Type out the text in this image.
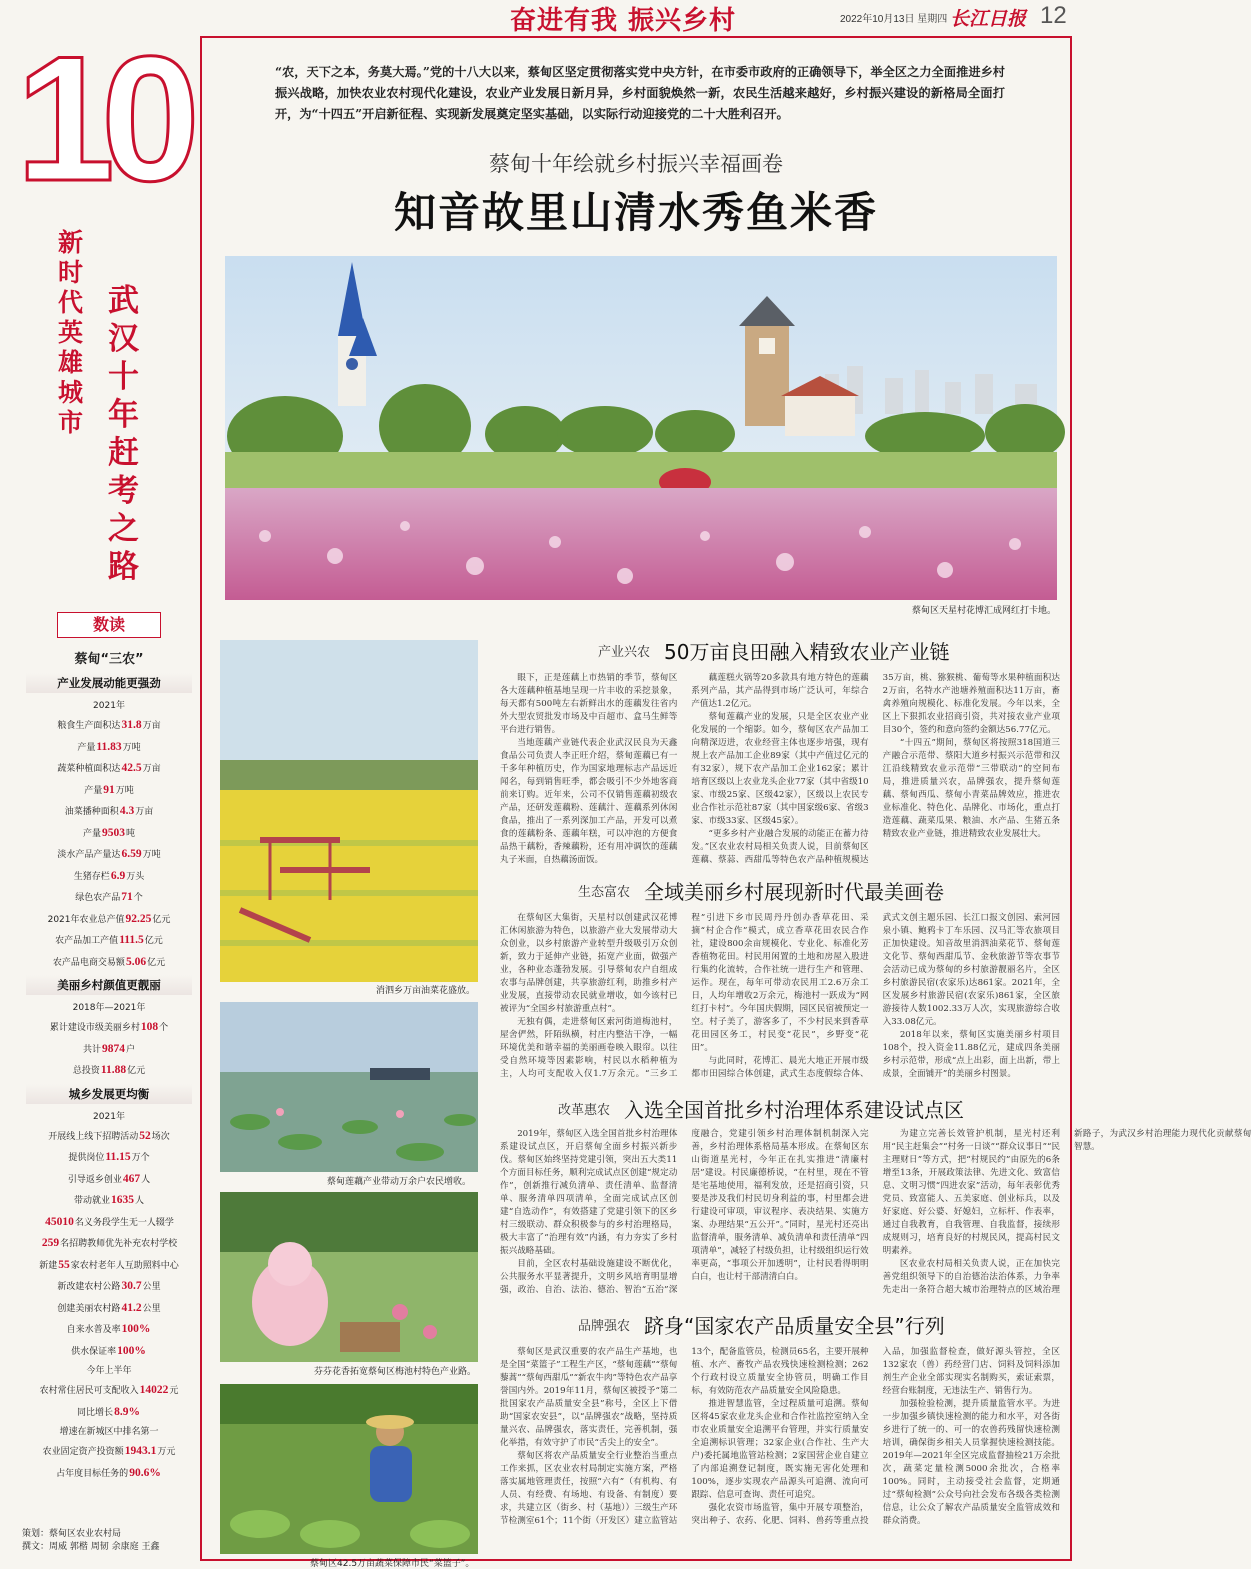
奋进有我 振兴乡村	2022年10月13日 星期四 长江日报 12
10
新时代英雄城市
武汉十年赶考之路
“农，天下之本，务莫大焉。”党的十八大以来，蔡甸区坚定贯彻落实党中央方针，在市委市政府的正确领导下，举全区之力全面推进乡村振兴战略，加快农业农村现代化建设，农业产业发展日新月异，乡村面貌焕然一新，农民生活越来越好，乡村振兴建设的新格局全面打开，为“十四五”开启新征程、实现新发展奠定坚实基础，以实际行动迎接党的二十大胜利召开。
蔡甸十年绘就乡村振兴幸福画卷
知音故里山清水秀鱼米香
蔡甸区天星村花博汇成网红打卡地。
数读
蔡甸“三农”
产业发展动能更强劲
2021年
粮食生产面积达31.8万亩
产量11.83万吨
蔬菜种植面积达42.5万亩
产量91万吨
油菜播种面积4.3万亩
产量9503吨
淡水产品产量达6.59万吨
生猪存栏6.9万头
绿色农产品71个
2021年农业总产值92.25亿元
农产品加工产值111.5亿元
农产品电商交易额5.06亿元
美丽乡村颜值更靓丽
2018年—2021年
累计建设市级美丽乡村108个
共计9874户
总投资11.88亿元
城乡发展更均衡
2021年
开展线上线下招聘活动52场次
提供岗位11.15万个
引导返乡创业467人
带动就业1635人
45010名义务段学生无一人辍学
259名招聘教师优先补充农村学校
新建55家农村老年人互助照料中心
新改建农村公路30.7公里
创建美丽农村路41.2公里
自来水普及率100%
供水保证率100%
今年上半年
农村常住居民可支配收入14022元
同比增长8.9%
增速在新城区中排名第一
农业固定资产投资额1943.1万元
占年度目标任务的90.6%
策划：蔡甸区农业农村局
撰文：周威 郭楷 周韧 余康庭 王鑫
消泗乡万亩油菜花盛放。
蔡甸莲藕产业带动万余户农民增收。
芬芬花香拓宽蔡甸区梅池村特色产业路。
蔡甸区42.5万亩蔬菜保障市民“菜篮子”。
产业兴农 50万亩良田融入精致农业产业链

眼下，正是莲藕上市热销的季节，蔡甸区各大莲藕种植基地呈现一片丰收的采挖景象，每天都有500吨左右新鲜出水的莲藕发往省内外大型农贸批发市场及中百超市、盒马生鲜等平台进行销售。

当地莲藕产业链代表企业武汉民良为天鑫食品公司负责人李正旺介绍，蔡甸莲藕已有一千多年种植历史，作为国家地理标志产品远近闻名，每到销售旺季，都会吸引不少外地客商前来订购。近年来，公司不仅销售莲藕初级农产品，还研发莲藕粉、莲藕汁、莲藕系列休闲食品，推出了一系列深加工产品，开发可以煮食的莲藕粉条、莲藕年糕，可以冲泡的方便食品热干藕粉，香辣藕粉，还有用冲调饮的莲藕丸子米面，自热藕汤面饭。

藕莲糕火锅等20多款具有地方特色的莲藕系列产品，其产品得到市场广泛认可，年综合产值达1.2亿元。

蔡甸莲藕产业的发展，只是全区农业产业化发展的一个缩影。如今，蔡甸区农产品加工向精深迈进，农业经营主体也逐步培强，现有规上农产品加工企业89家（其中产值过亿元的有32家），规下农产品加工企业162家；累计培育区级以上农业龙头企业77家（其中省级10家、市级25家、区级42家），区级以上农民专业合作社示范社87家（其中国家级6家、省级3家、市级33家、区级45家）。

“更多乡村产业融合发展的动能正在蓄力待发。”区农业农村局相关负责人说，目前蔡甸区莲藕、蔡蒜、西甜瓜等特色农产品种植规模达35万亩，桃、猕猴桃、葡萄等水果种植面积达2万亩，名特水产池塘养殖面积达11万亩，畜禽养殖向规模化、标准化发展。今年以来，全区上下狠抓农业招商引资，共对接农业产业项目30个，签约和意向签约金额达56.77亿元。

“十四五”期间，蔡甸区将按照318国道三产融合示范带、蔡阳大道乡村振兴示范带和汉江沿线精致农业示范带“三带联动”的空间布局，推进质量兴农，品牌强农，提升蔡甸莲藕、蔡甸西瓜、蔡甸小青菜品牌效应，推进农业标准化、特色化、品牌化、市场化，重点打造莲藕、蔬菜瓜果、粮油、水产品、生猪五条精致农业产业链，推进精致农业发展壮大。

生态富农 全域美丽乡村展现新时代最美画卷

在蔡甸区大集街，天星村以创建武汉花博汇休闲旅游为特色，以旅游产业大发展带动大众创业，以乡村旅游产业转型升级吸引万众创新，致力于延伸产业链，拓宽产业面，做强产业，各种业态蓬勃发展。引导蔡甸农户自组成农事与品牌创建，共享旅游红利，助推乡村产业发展，直接带动农民就业增收，如今该村已被评为“全国乡村旅游重点村”。

无独有偶，走进蔡甸区索河街道梅池村，屋舍俨然，阡陌纵横，村庄内整洁干净，一幅环境优美和谐幸福的美丽画卷映入眼帘。以往受自然环境等因素影响，村民以水稻种植为主，人均可支配收入仅1.7万余元。“三乡工程”引进下乡市民周丹丹创办香草花田、采摘“村企合作”模式，成立香草花田农民合作社，建设800余亩规模化、专业化、标准化芳香植物花田。村民用闲置的土地和房屋入股进行集约化流转，合作社统一进行生产和管理、运作。现在，每年可带动农民用工2.6万余工日，人均年增收2万余元，梅池村一跃成为“网红打卡村”。今年国庆假期，园区民宿被预定一空。村子美了，游客多了，不少村民来到香草花田园区务工，村民变“花民”，乡野变“花田”。

与此同时，花博汇、晨光大地正开展市级都市田园综合体创建，武式生态度假综合体、武式文创主题乐园、长江口报文创园、索河园泉小镇、鲍鸦卡丁车乐园、汉马汇等农旅项目正加快建设。知音故里消泗油菜花节、蔡甸莲文化节、蔡甸西甜瓜节、金秋旅游节等农事节会活动已成为蔡甸的乡村旅游靓丽名片，全区乡村旅游民宿(农家乐)达861家。2021年，全区发展乡村旅游民宿(农家乐)861家，全区旅游接待人数1002.33万人次，实现旅游综合收入33.08亿元。

2018年以来，蔡甸区实施美丽乡村项目108个，投入资金11.88亿元，建成四条美丽乡村示范带，形成“点上出彩，面上出新，带上成景，全面铺开”的美丽乡村图景。

改革惠农 入选全国首批乡村治理体系建设试点区

2019年，蔡甸区入选全国首批乡村治理体系建设试点区，开启蔡甸全面乡村振兴新步伐。蔡甸区始终坚持党建引领，突出五大类11个方面目标任务，顺利完成试点区创建“规定动作”，创新推行减负清单、责任清单、监督清单、服务清单四项清单，全面完成试点区创建“自选动作”，有效搭建了党建引领下的区乡村三级联动、群众积极参与的乡村治理格局，极大丰富了“治理有效”内涵，有力夯实了乡村振兴战略基础。

目前，全区农村基础设施建设不断优化，公共服务水平显著提升，文明乡风培育明显增强，政治、自治、法治、德治、智治“五治”深度融合，党建引领乡村治理体制机制深入完善，乡村治理体系格局基本形成。在蔡甸区东山街道星光村，今年正在扎实推进“清廉村居”建设。村民廉德桥说，“在村里，现在不管是宅基地使用，福利发放，还是招商引资，只要是涉及我们村民切身利益的事，村里都会进行建设可审项，审议程序、表决结果、实施方案、办理结果“五公开”。”同时，星光村还亮出监督清单，服务清单、减负清单和责任清单“四项清单”，减轻了村级负担，让村级组织运行效率更高，“事项公开加透明”，让村民看得明明白白，也让村干部清清白白。

为建立完善长效管护机制，星光村还利用“民主赶集会”“村务一日谈”“群众议事日”“民主理财日”等方式，把“村规民约”由原先的6条增至13条，开展政策法律、先进文化、致富信息、文明习惯“四进农家”活动，每年表彰优秀党员、致富能人、五美家庭、创业标兵，以及好家庭、好公婆、好媳妇，立标杆、作表率，通过自我教育，自我管理、自我监督，接续形成规则习，培育良好的村规民风，提高村民文明素养。

区农业农村局相关负责人说，正在加快完善党组织领导下的自治德治法治体系，力争率先走出一条符合超大城市治理特点的区域治理新路子，为武汉乡村治理能力现代化贡献蔡甸智慧。

品牌强农 跻身“国家农产品质量安全县”行列

蔡甸区是武汉重要的农产品生产基地，也是全国“菜篮子”工程生产区，“蔡甸莲藕”“蔡甸藜蒿”“蔡甸西甜瓜”“新农牛肉”等特色农产品享誉国内外。2019年11月，蔡甸区被授予“第二批国家农产品质量安全县”称号，全区上下借助“国家农安县”，以“品牌强农”战略，坚持质量兴农、品牌强农，落实责任，完善机制，强化举措，有效守护了市民“舌尖上的安全”。

蔡甸区将农产品质量安全行业整治当重点工作来抓，区农业农村局制定实施方案，严格落实属地管理责任，按照“六有”（有机构、有人员、有经费、有场地、有设备、有制度）要求，共建立区（街乡、村（基地））三级生产环节检测室61个；11个街（开发区）建立监管站13个，配备监管员，检测员65名，主要开展种植、水产、畜牧产品农残快速检测检测；262个行政村设立质量安全协管员，明确工作目标，有效防范农产品质量安全风险隐患。

推进智慧监管，全过程质量可追溯。蔡甸区将45家农业龙头企业和合作社监控室纳入全市农业质量安全追溯平台管理，并实行质量安全追溯标识管理；32家企业(合作社、生产大户)委托属地监管站检测；2家国营企业自建立了内部追溯登记制度，既实施无害化处理和100%，逐步实现农产品源头可追溯、流向可跟踪、信息可查询、责任可追究。

强化农资市场监管，集中开展专项整治，突出种子、农药、化肥、饲料、兽药等重点投入品，加强监督检查，做好源头管控，全区132家农（兽）药经营门店、饲料及饲料添加剂生产企业全部实现实名制购买，索证索票，经营台账制度，无违法生产、销售行为。

加强检验检测，提升质量监管水平。为进一步加强乡镇快速检测的能力和水平，对各街乡进行了统一的、可一的农兽药残留快速检测培训，确保街乡相关人员掌握快速检测技能。2019年—2021年全区完成监督抽检21万余批次，蔬菜定量检测5000余批次，合格率100%。同时，主动接受社会监督，定期通过“蔡甸检测”公众号向社会发布各级各类检测信息，让公众了解农产品质量安全监管成效和群众消费。
